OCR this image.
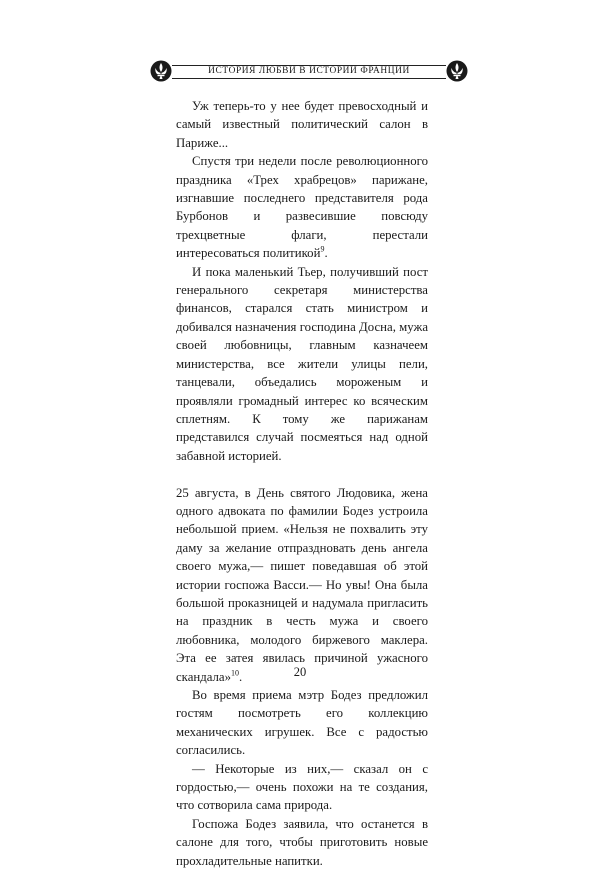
ИСТОРИЯ ЛЮБВИ В ИСТОРИИ ФРАНЦИИ

Уж теперь-то у нее будет превосходный и самый известный политический салон в Париже...

Спустя три недели после революционного праздника «Трех храбрецов» парижане, изгнавшие последнего представителя рода Бурбонов и развесившие повсюду трехцветные флаги, перестали интересоваться политикой$^9$.

И пока маленький Тьер, получивший пост генерального секретаря министерства финансов, старался стать министром и добивался назначения господина Досна, мужа своей любовницы, главным казначеем министерства, все жители улицы пели, танцевали, объедались мороженым и проявляли громадный интерес ко всяческим сплетням. К тому же парижанам представился случай посмеяться над одной забавной историей.

25 августа, в День святого Людовика, жена одного адвоката по фамилии Бодез устроила небольшой прием. «Нельзя не похвалить эту даму за желание отпраздновать день ангела своего мужа,— пишет поведавшая об этой истории госпожа Васси.— Но увы! Она была большой проказницей и надумала пригласить на праздник в честь мужа и своего любовника, молодого биржевого маклера. Эта ее затея явилась причиной ужасного скандала»$^{10}$.

Во время приема мэтр Бодез предложил гостям посмотреть его коллекцию механических игрушек. Все с радостью согласились.

— Некоторые из них,— сказал он с гордостью,— очень похожи на те создания, что сотворила сама природа.

Госпожа Бодез заявила, что останется в салоне для того, чтобы приготовить новые прохладительные напитки.

20
